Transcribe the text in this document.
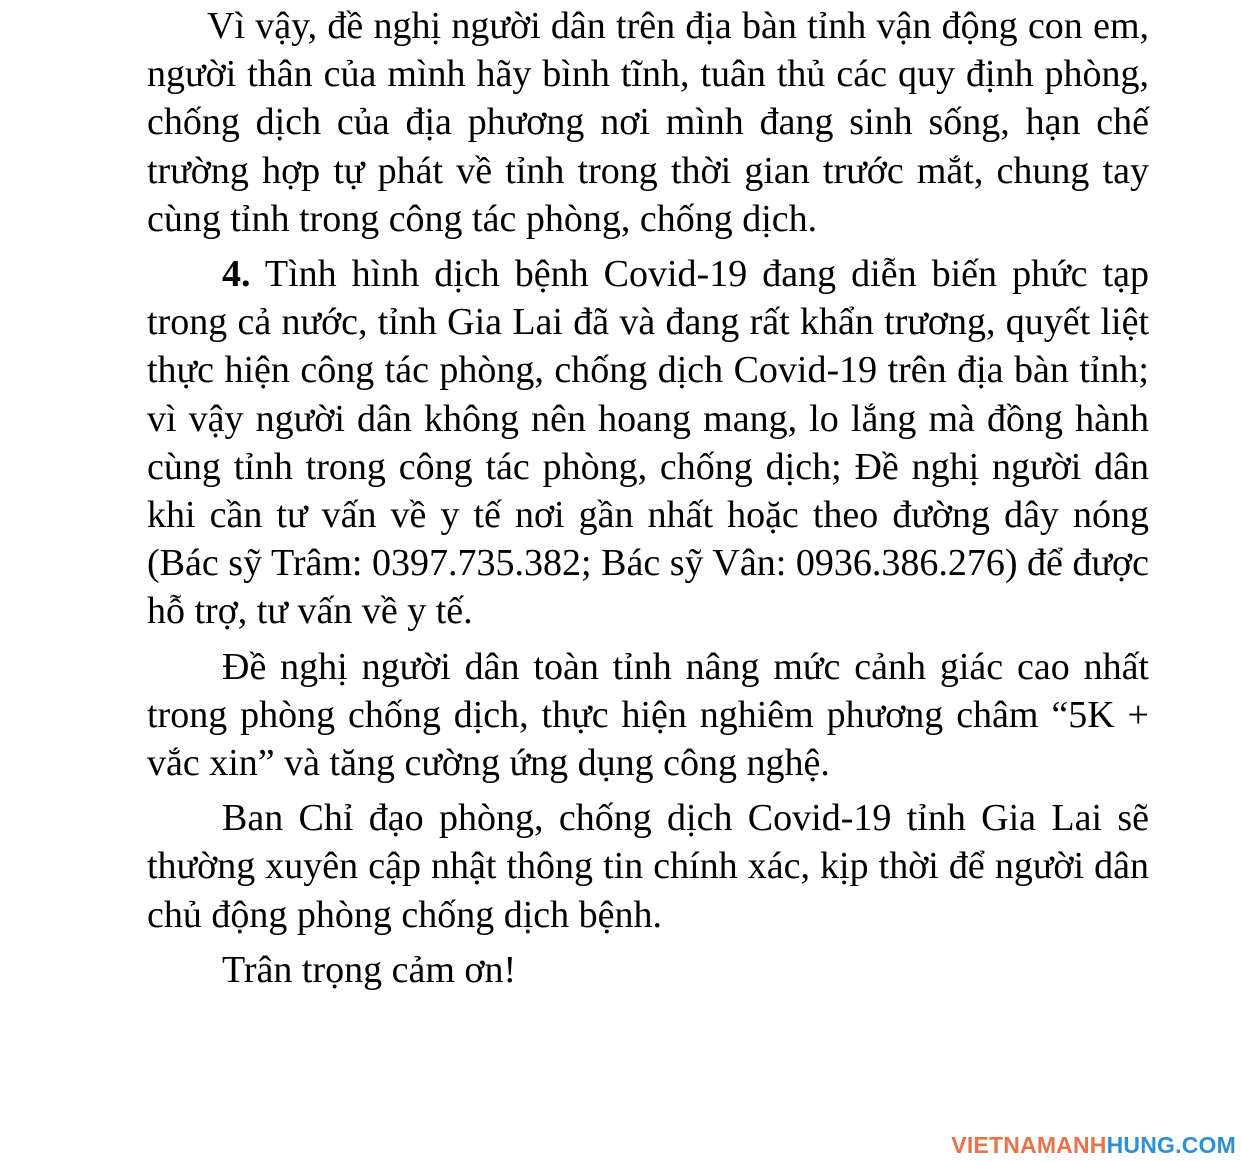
Vì vậy, đề nghị người dân trên địa bàn tỉnh vận động con em, người thân của mình hãy bình tĩnh, tuân thủ các quy định phòng, chống dịch của địa phương nơi mình đang sinh sống, hạn chế trường hợp tự phát về tỉnh trong thời gian trước mắt, chung tay cùng tỉnh trong công tác phòng, chống dịch.

4. Tình hình dịch bệnh Covid-19 đang diễn biến phức tạp trong cả nước, tỉnh Gia Lai đã và đang rất khẩn trương, quyết liệt thực hiện công tác phòng, chống dịch Covid-19 trên địa bàn tỉnh; vì vậy người dân không nên hoang mang, lo lắng mà đồng hành cùng tỉnh trong công tác phòng, chống dịch; Đề nghị người dân khi cần tư vấn về y tế nơi gần nhất hoặc theo đường dây nóng (Bác sỹ Trâm: 0397.735.382; Bác sỹ Vân: 0936.386.276) để được hỗ trợ, tư vấn về y tế.

Đề nghị người dân toàn tỉnh nâng mức cảnh giác cao nhất trong phòng chống dịch, thực hiện nghiêm phương châm “5K + vắc xin” và tăng cường ứng dụng công nghệ.

Ban Chỉ đạo phòng, chống dịch Covid-19 tỉnh Gia Lai sẽ thường xuyên cập nhật thông tin chính xác, kịp thời để người dân chủ động phòng chống dịch bệnh.

Trân trọng cảm ơn!

VIETNAMANHHUNG.COM
